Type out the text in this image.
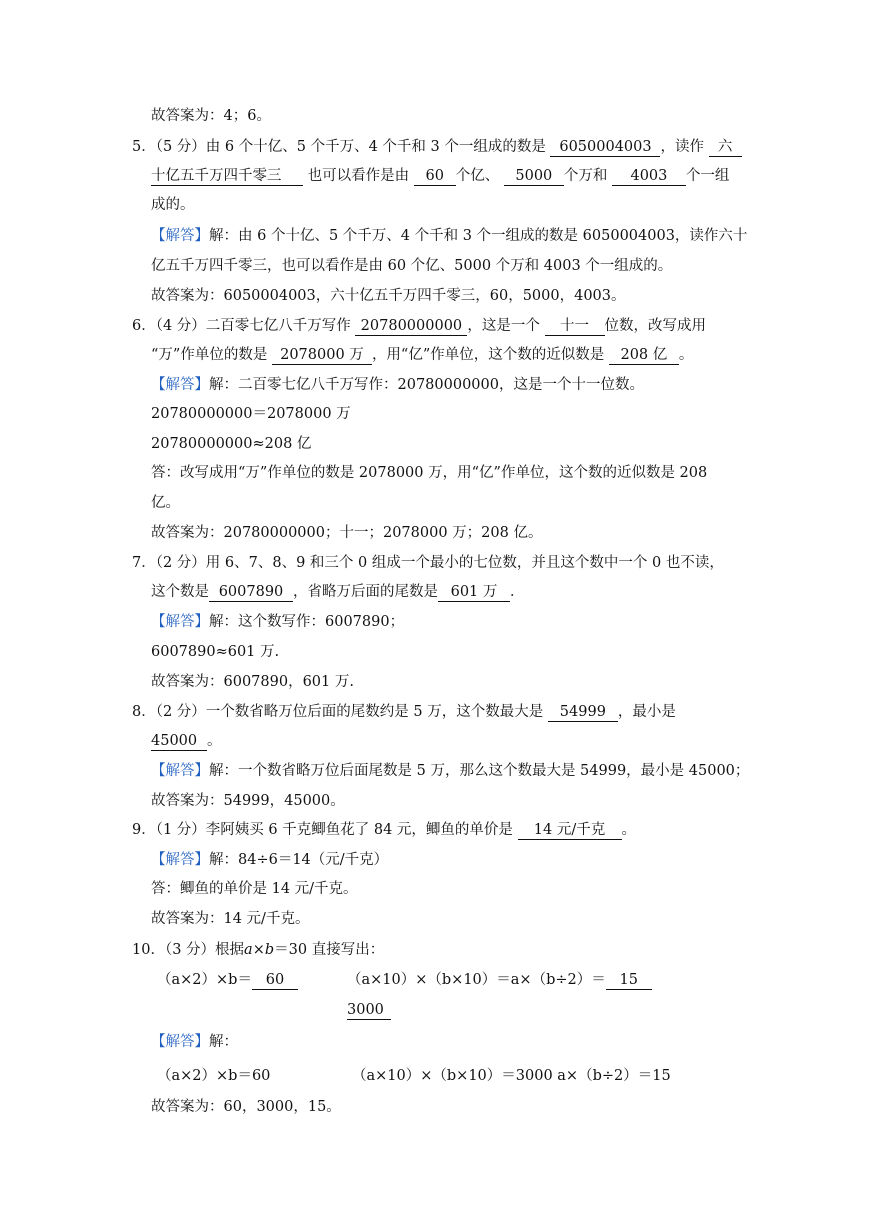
故答案为：4；6。
5．（5 分）由 6 个十亿、5 个千万、4 个千和 3 个一组成的数是 6050004003 ，读作 六
十亿五千万四千零三 也可以看作是由 60 个亿、 5000 个万和 4003 个一组
成的。
【解答】解：由 6 个十亿、5 个千万、4 个千和 3 个一组成的数是 6050004003，读作六十
亿五千万四千零三，也可以看作是由 60 个亿、5000 个万和 4003 个一组成的。
故答案为：6050004003，六十亿五千万四千零三，60，5000，4003。
6．（4 分）二百零七亿八千万写作 20780000000 ，这是一个 十一 位数，改写成用
“万”作单位的数是 2078000 万 ，用“亿”作单位，这个数的近似数是 208 亿 。
【解答】解：二百零七亿八千万写作：20780000000，这是一个十一位数。
20780000000＝2078000 万
20780000000≈208 亿
答：改写成用“万”作单位的数是 2078000 万，用“亿”作单位，这个数的近似数是 208
亿。
故答案为：20780000000；十一；2078000 万；208 亿。
7．（2 分）用 6、7、8、9 和三个 0 组成一个最小的七位数，并且这个数中一个 0 也不读，
这个数是 6007890 ，省略万后面的尾数是 601 万 ．
【解答】解：这个数写作：6007890；
6007890≈601 万.
故答案为：6007890，601 万.
8．（2 分）一个数省略万位后面的尾数约是 5 万，这个数最大是 54999 ，最小是
45000 。
【解答】解：一个数省略万位后面尾数是 5 万，那么这个数最大是 54999，最小是 45000；
故答案为：54999，45000。
9．（1 分）李阿姨买 6 千克鲫鱼花了 84 元，鲫鱼的单价是 14 元/千克 。
【解答】解：84÷6＝14（元/千克）
答：鲫鱼的单价是 14 元/千克。
故答案为：14 元/千克。
10．（3 分）根据a×b＝30 直接写出：
（a×2）×b＝ 60	（a×10）×（b×10）＝a×（b÷2）＝ 15
3000
【解答】解：
（a×2）×b＝60	（a×10）×（b×10）＝3000 a×（b÷2）＝15
故答案为：60，3000，15。
